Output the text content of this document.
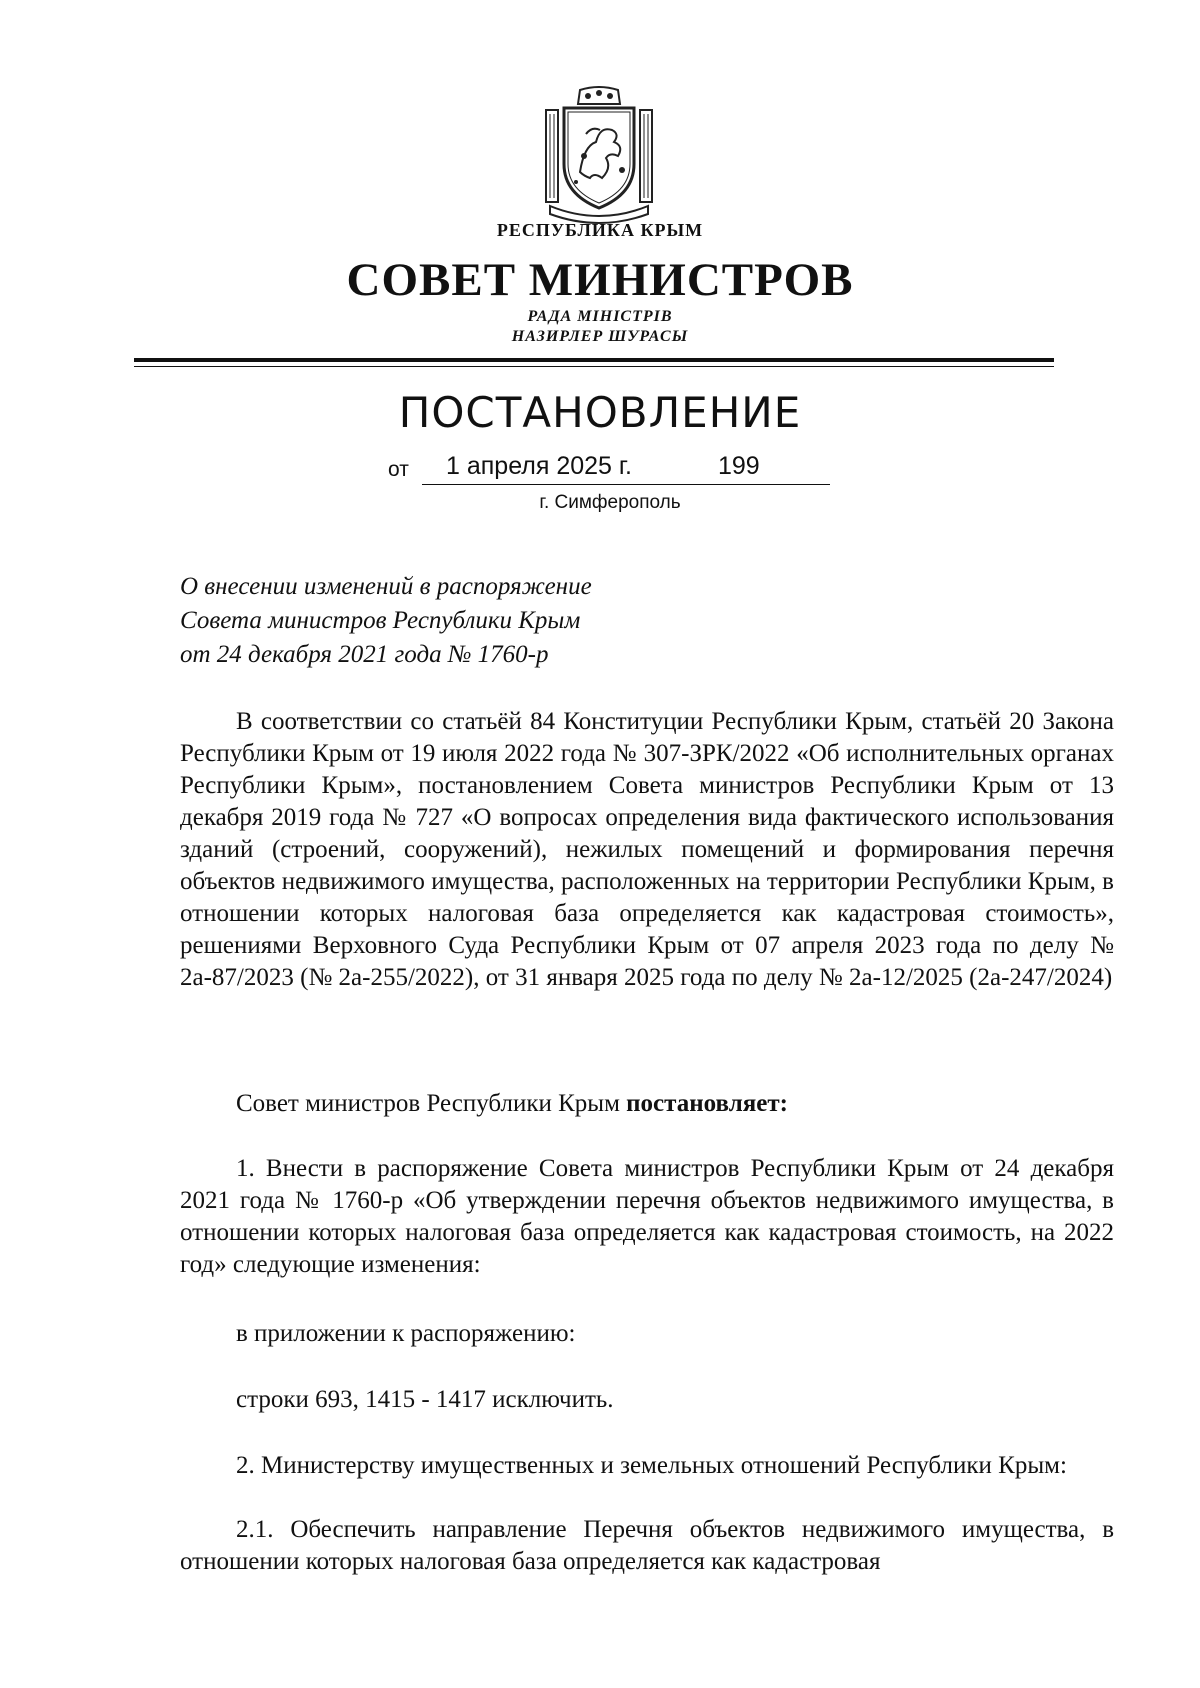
РЕСПУБЛИКА КРЫМ
СОВЕТ МИНИСТРОВ
РАДА МІНІСТРІВ
НАЗИРЛЕР ШУРАСЫ
ПОСТАНОВЛЕНИЕ
от 1 апреля 2025 г.	199
г. Симферополь
О внесении изменений в распоряжение
Совета министров Республики Крым
от 24 декабря 2021 года № 1760-р
В соответствии со статьёй 84 Конституции Республики Крым, статьёй 20 Закона Республики Крым от 19 июля 2022 года № 307-ЗРК/2022 «Об исполнительных органах Республики Крым», постановлением Совета министров Республики Крым от 13 декабря 2019 года № 727 «О вопросах определения вида фактического использования зданий (строений, сооружений), нежилых помещений и формирования перечня объектов недвижимого имущества, расположенных на территории Республики Крым, в отношении которых налоговая база определяется как кадастровая стоимость», решениями Верховного Суда Республики Крым от 07 апреля 2023 года по делу № 2а-87/2023 (№ 2а-255/2022), от 31 января 2025 года по делу № 2а-12/2025 (2а-247/2024)
Совет министров Республики Крым постановляет:
1. Внести в распоряжение Совета министров Республики Крым от 24 декабря 2021 года № 1760-р «Об утверждении перечня объектов недвижимого имущества, в отношении которых налоговая база определяется как кадастровая стоимость, на 2022 год» следующие изменения:
в приложении к распоряжению:
строки 693, 1415 - 1417 исключить.
2. Министерству имущественных и земельных отношений Республики Крым:
2.1. Обеспечить направление Перечня объектов недвижимого имущества, в отношении которых налоговая база определяется как кадастровая
